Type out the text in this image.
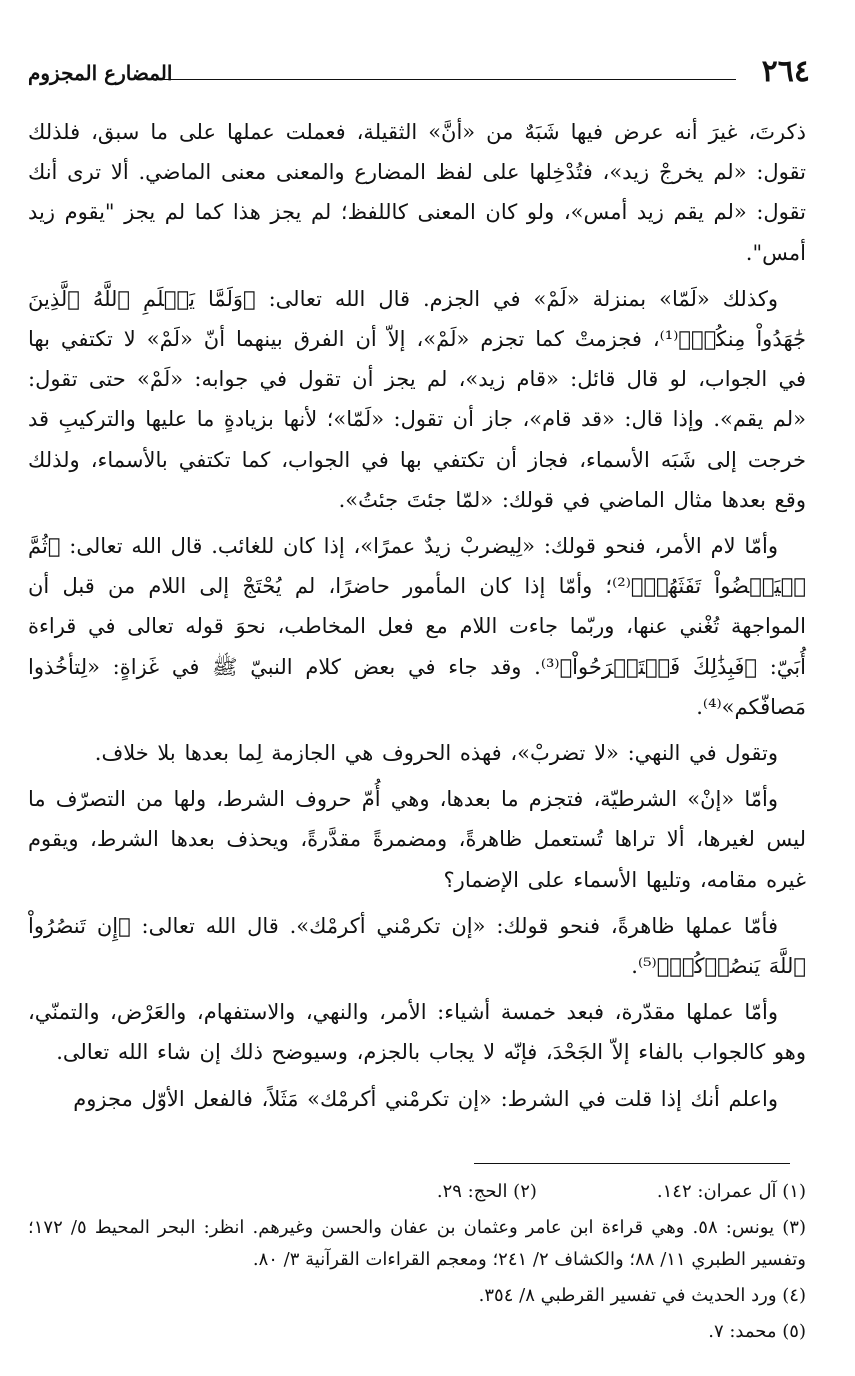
٢٦٤
المضارع المجزوم

ذكرتَ، غيرَ أنه عرض فيها شَبَهٌ من «أنَّ» الثقيلة، فعملت عملها على ما سبق، فلذلك تقول: «لم يخرجْ زيد»، فتُدْخِلها على لفظ المضارع والمعنى معنى الماضي. ألا ترى أنك تقول: «لم يقم زيد أمس»، ولو كان المعنى كاللفظ؛ لم يجز هذا كما لم يجز "يقوم زيد أمس".

وكذلك «لَمّا» بمنزلة «لَمْ» في الجزم. قال الله تعالى: ﴿وَلَمَّا يَعۡلَمِ ٱللَّهُ ٱلَّذِينَ جَٰهَدُواْ مِنكُمۡ﴾⁽¹⁾، فجزمتْ كما تجزم «لَمْ»، إلاّ أن الفرق بينهما أنّ «لَمْ» لا تكتفي بها في الجواب، لو قال قائل: «قام زيد»، لم يجز أن تقول في جوابه: «لَمْ» حتى تقول: «لم يقم». وإذا قال: «قد قام»، جاز أن تقول: «لَمّا»؛ لأنها بزيادةٍ ما عليها والتركيبِ قد خرجت إلى شَبَه الأسماء، فجاز أن تكتفي بها في الجواب، كما تكتفي بالأسماء، ولذلك وقع بعدها مثال الماضي في قولك: «لمّا جئتَ جئتُ».

وأمّا لام الأمر، فنحو قولك: «لِيضربْ زيدٌ عمرًا»، إذا كان للغائب. قال الله تعالى: ﴿ثُمَّ لۡيَقۡضُواْ تَفَثَهُمۡ﴾⁽²⁾؛ وأمّا إذا كان المأمور حاضرًا، لم يُحْتَجْ إلى اللام من قبل أن المواجهة تُغْني عنها، وربّما جاءت اللام مع فعل المخاطب، نحوَ قوله تعالى في قراءة أُبَيّ: ﴿فَبِذَٰلِكَ فَلۡتَفۡرَحُواْ﴾⁽³⁾. وقد جاء في بعض كلام النبيّ ﷺ في غَزاةٍ: «لِتأخُذوا مَصافّكم»⁽⁴⁾.

وتقول في النهي: «لا تضربْ»، فهذه الحروف هي الجازمة لِما بعدها بلا خلاف.

وأمّا «إنْ» الشرطيّة، فتجزم ما بعدها، وهي أُمّ حروف الشرط، ولها من التصرّف ما ليس لغيرها، ألا تراها تُستعمل ظاهرةً، ومضمرةً مقدَّرةً، ويحذف بعدها الشرط، ويقوم غيره مقامه، وتليها الأسماء على الإضمار؟

فأمّا عملها ظاهرةً، فنحو قولك: «إن تكرمْني أكرمْك». قال الله تعالى: ﴿إِن تَنصُرُواْ ٱللَّهَ يَنصُرۡكُمۡ﴾⁽⁵⁾.

وأمّا عملها مقدّرة، فبعد خمسة أشياء: الأمر، والنهي، والاستفهام، والعَرْض، والتمنّي، وهو كالجواب بالفاء إلاّ الجَحْدَ، فإنّه لا يجاب بالجزم، وسيوضح ذلك إن شاء الله تعالى.

واعلم أنك إذا قلت في الشرط: «إن تكرمْني أكرمْك» مَثَلاً، فالفعل الأوّل مجزوم

(١) آل عمران: ١٤٢.
(٢) الحج: ٢٩.

(٣) يونس: ٥٨. وهي قراءة ابن عامر وعثمان بن عفان والحسن وغيرهم. انظر: البحر المحيط ٥/ ١٧٢؛ وتفسير الطبري ١١/ ٨٨؛ والكشاف ٢/ ٢٤١؛ ومعجم القراءات القرآنية ٣/ ٨٠.

(٤) ورد الحديث في تفسير القرطبي ٨/ ٣٥٤.

(٥) محمد: ٧.
